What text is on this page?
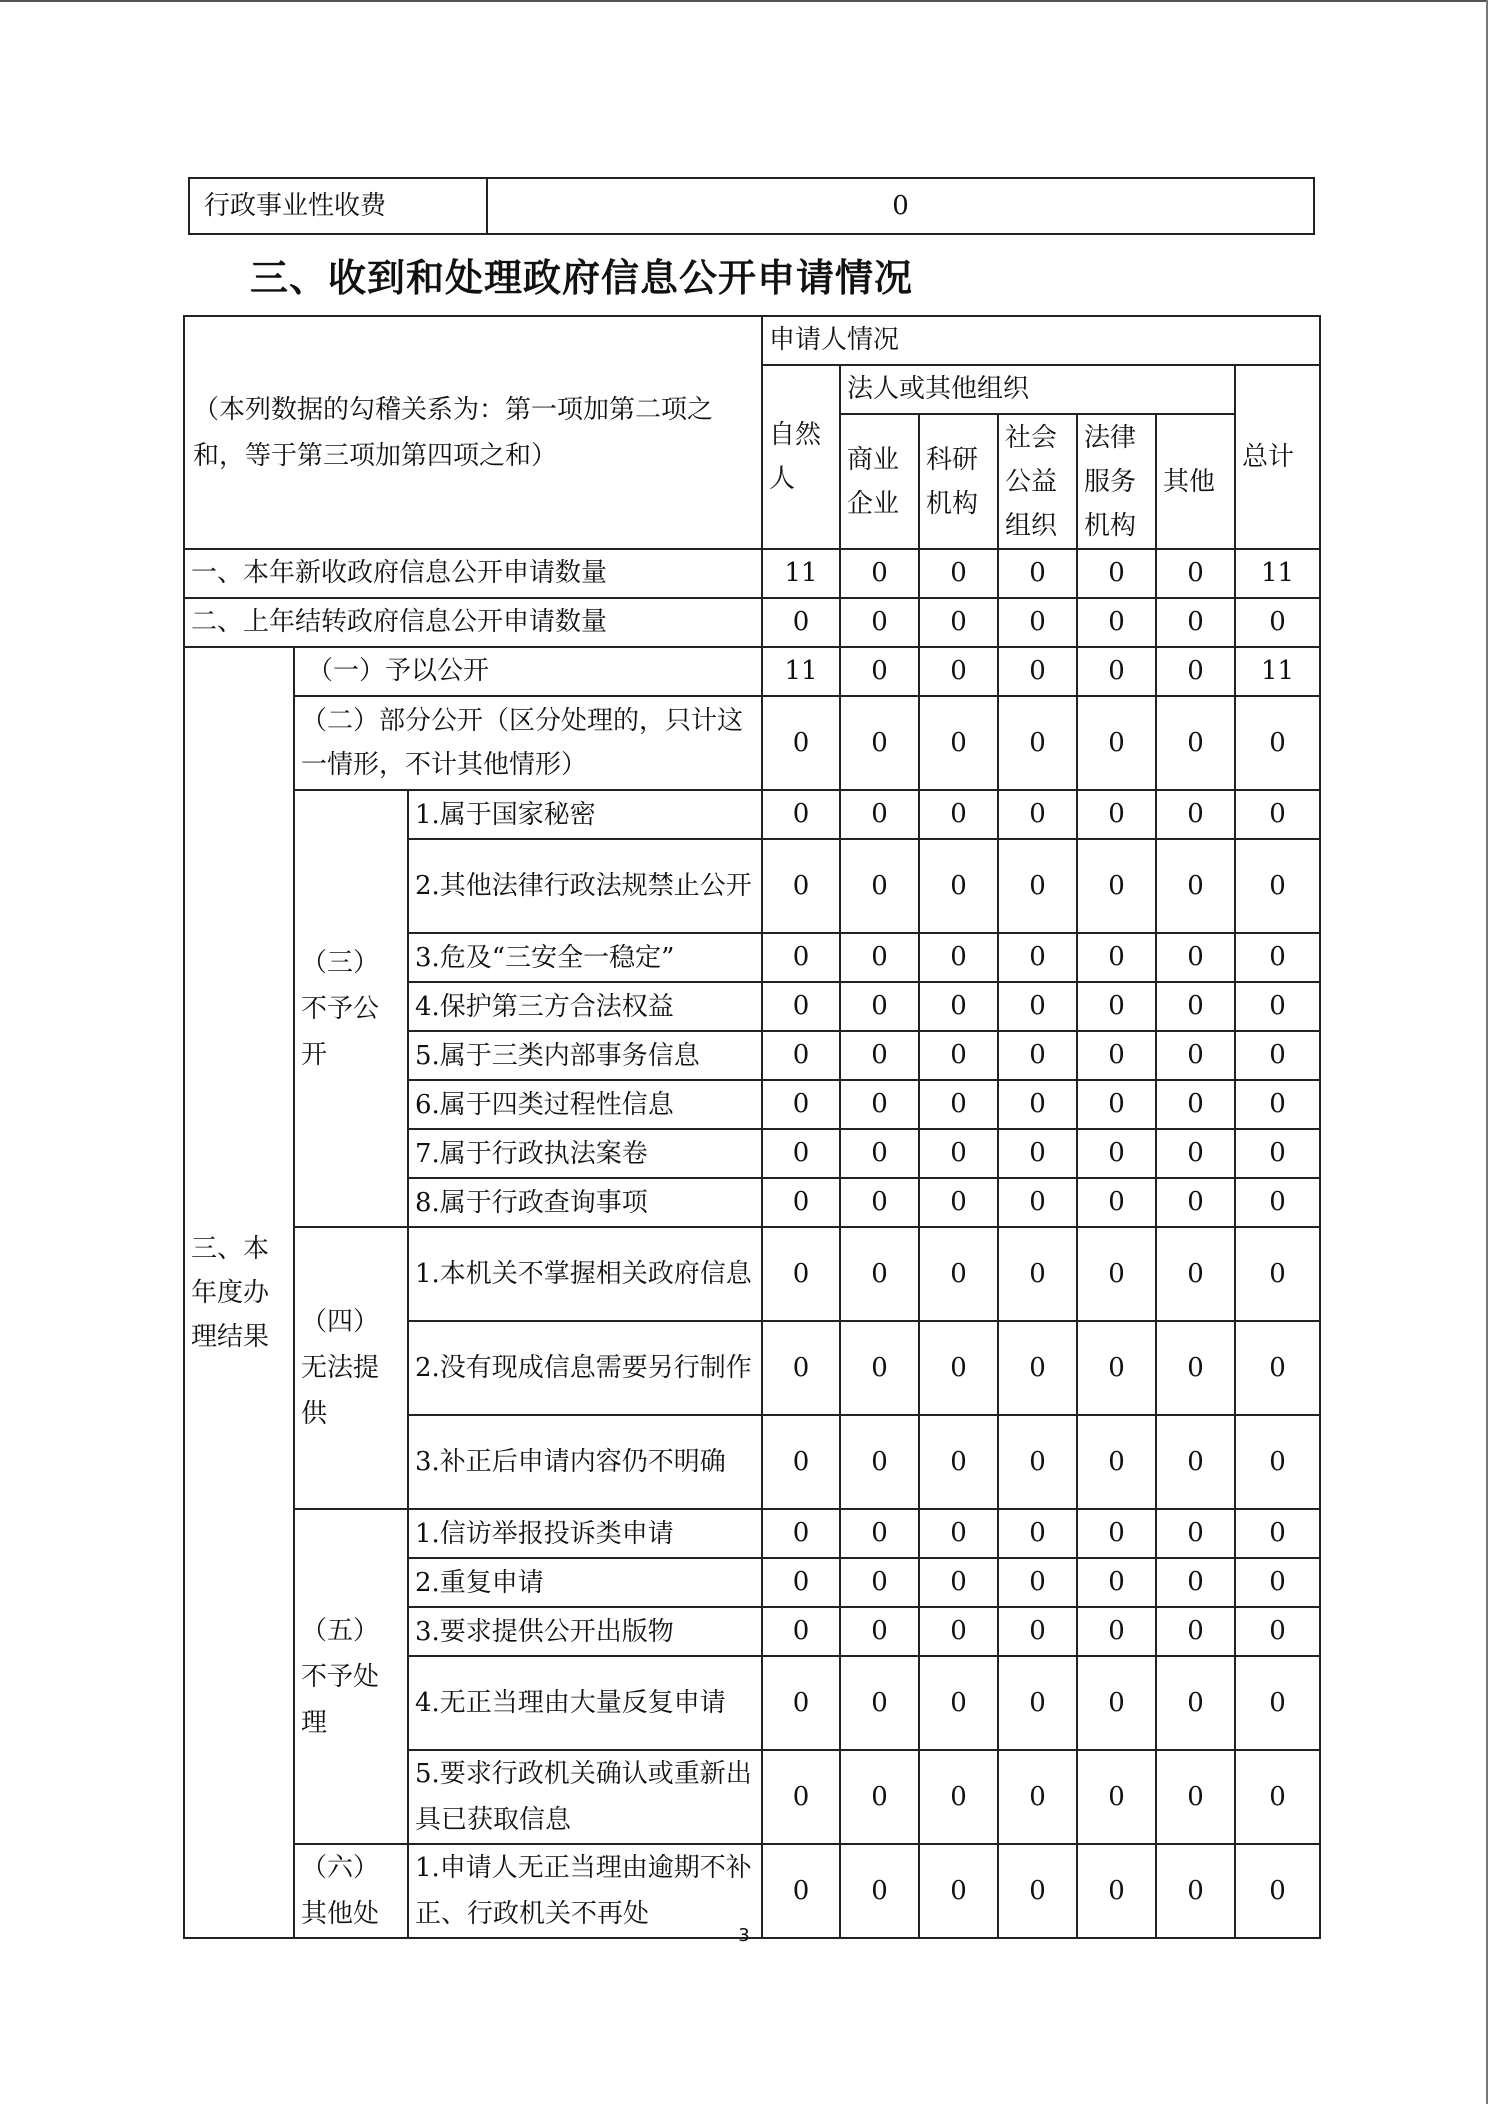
行政事业性收费	0
三、收到和处理政府信息公开申请情况
（本列数据的勾稽关系为：第一项加第二项之和，等于第三项加第四项之和）			申请人情况						
			自然人	法人或其他组织					总计
				商业企业	科研机构	社会公益组织	法律服务机构	其他	
一、本年新收政府信息公开申请数量			11	0	0	0	0	0	11
二、上年结转政府信息公开申请数量			0	0	0	0	0	0	0
三、本年度办理结果	（一）予以公开		11	0	0	0	0	0	11
	（二）部分公开（区分处理的，只计这一情形，不计其他情形）		0	0	0	0	0	0	0
	（三）不予公开	1.属于国家秘密	0	0	0	0	0	0	0
		2.其他法律行政法规禁止公开	0	0	0	0	0	0	0
		3.危及“三安全一稳定”	0	0	0	0	0	0	0
		4.保护第三方合法权益	0	0	0	0	0	0	0
		5.属于三类内部事务信息	0	0	0	0	0	0	0
		6.属于四类过程性信息	0	0	0	0	0	0	0
		7.属于行政执法案卷	0	0	0	0	0	0	0
		8.属于行政查询事项	0	0	0	0	0	0	0
	（四）无法提供	1.本机关不掌握相关政府信息	0	0	0	0	0	0	0
		2.没有现成信息需要另行制作	0	0	0	0	0	0	0
		3.补正后申请内容仍不明确	0	0	0	0	0	0	0
	（五）不予处理	1.信访举报投诉类申请	0	0	0	0	0	0	0
		2.重复申请	0	0	0	0	0	0	0
		3.要求提供公开出版物	0	0	0	0	0	0	0
		4.无正当理由大量反复申请	0	0	0	0	0	0	0
		5.要求行政机关确认或重新出具已获取信息	0	0	0	0	0	0	0
	（六）其他处	1.申请人无正当理由逾期不补正、行政机关不再处	0	0	0	0	0	0	0
3
